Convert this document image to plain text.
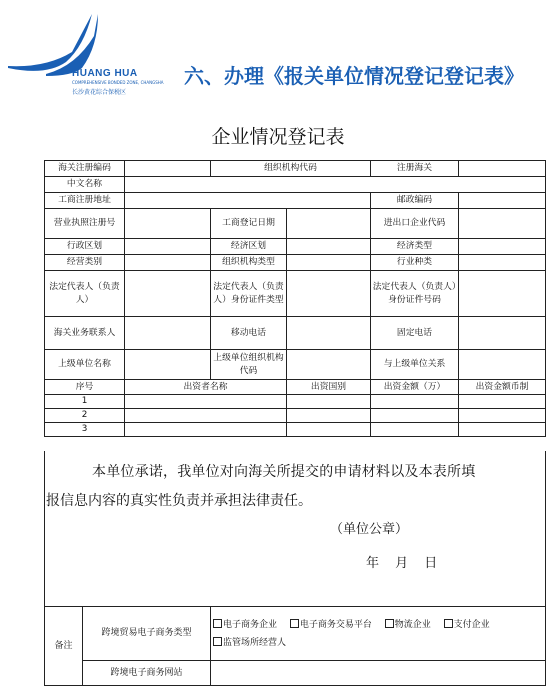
HUANG HUA
COMPREHENSIVE BONDED ZONE, CHANGSHA
长沙黄花综合保税区
六、办理《报关单位情况登记登记表》
企业情况登记表
海关注册编码		组织机构代码		注册海关	
中文名称					
工商注册地址				邮政编码	
营业执照注册号		工商登记日期		进出口企业代码	
行政区划		经济区划		经济类型	
经营类别		组织机构类型		行业种类	
法定代表人（负责人）		法定代表人（负责人）身份证件类型		法定代表人（负责人）身份证件号码	
海关业务联系人		移动电话		固定电话	
上级单位名称		上级单位组织机构代码		与上级单位关系	
序号	出资者名称		出资国别	出资金额（万）	出资金额币制
1					
2					
3					
本单位承诺，我单位对向海关所提交的申请材料以及本表所填
报信息内容的真实性负责并承担法律责任。
（单位公章）
年 月 日
备注	跨境贸易电子商务类型	电子商务企业 电子商务交易平台 物流企业 支付企业
监管场所经营人
	跨境电子商务网站	
